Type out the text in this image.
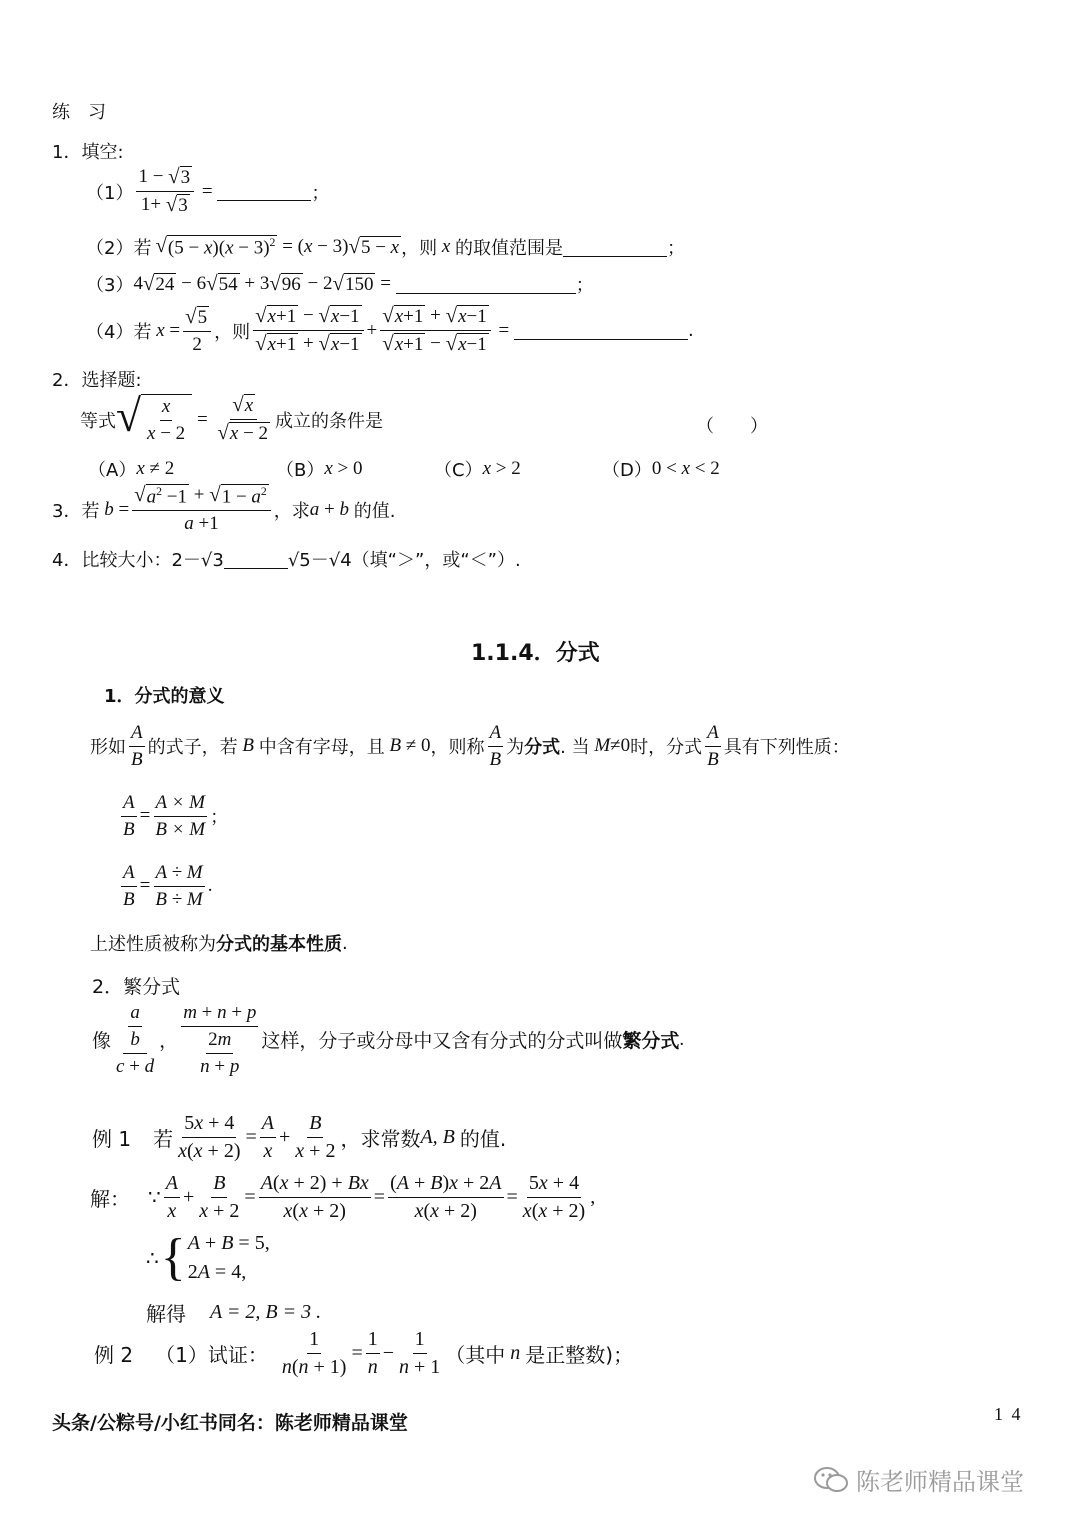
练　习
1．填空:
$(1) \frac{1 - √ 3}{1+ √ 3}$ =	；
（2）若 √ $(5 - x)(x - 3)^2 = (x - 3)$ √ 5 − x ，则 x 的取值范围是	；
（3） 4 √ 24 − 6 √ 54 + 3 √ 96 − 2 √ 150 =	；
（4）若 $x = \frac{√ 5}{2}$ ，则 $\frac{√ x+1 - √ x-1}{√ x+1 + √ x-1} + \frac{√ x+1 + √ x-1}{√ x+1 - √ x-1}$ =	.
2．选择题:
等式 √ $\frac{x}{x - 2} = \frac{√ x}{√ x - 2}$ 成立的条件是	（　　）
（A） x ≠ 2	（B） x > 0	（C） x > 2	（D） 0 < x < 2
3．若 $b = \frac{√ a^2 -1 + √ 1 - a^2}{a +1}$ ，求 a + b 的值.
4．比较大小：2－√3	√5－√4（填“＞”，或“＜”）.
1.1.4．分式
1．分式的意义
形如 $\frac{A}{B}$ 的式子，若 B 中含有字母，且 B ≠ 0 ，则称 $\frac{A}{B}$ 为 分式 . 当 M≠0 时，分式 $\frac{A}{B}$ 具有下列性质：
$\frac{A}{B} = \frac{A \times M}{B \times M}$ ；
$\frac{A}{B} = \frac{A \div M}{B \div M}$ .
上述性质被称为 分式的基本性质 .
2．繁分式
像 $\frac{\frac{a}{b}}{c + d}$ ， $\frac{m + n + p}{\frac{2m}{n + p}}$ 这样，分子或分母中又含有分式的分式叫做 繁分式 .
例 1 若 $\frac{5x + 4}{x(x + 2)} = \frac{A}{x} + \frac{B}{x + 2}$ ，求常数 A, B 的值.
解： ∵ $\frac{A}{x} + \frac{B}{x + 2} = \frac{A(x + 2) + Bx}{x(x + 2)} = \frac{(A + B)x + 2A}{x(x + 2)} = \frac{5x + 4}{x(x + 2)}$ ,
∴ { A + B = 5,
2A = 4,
解得 A = 2, B = 3 .
例 2 （1）试证： $\frac{1}{n(n + 1)} = \frac{1}{n} - \frac{1}{n + 1}$ （其中 n 是正整数)；
头条/公粽号/小红书同名：陈老师精品课堂	1 4
陈老师精品课堂
